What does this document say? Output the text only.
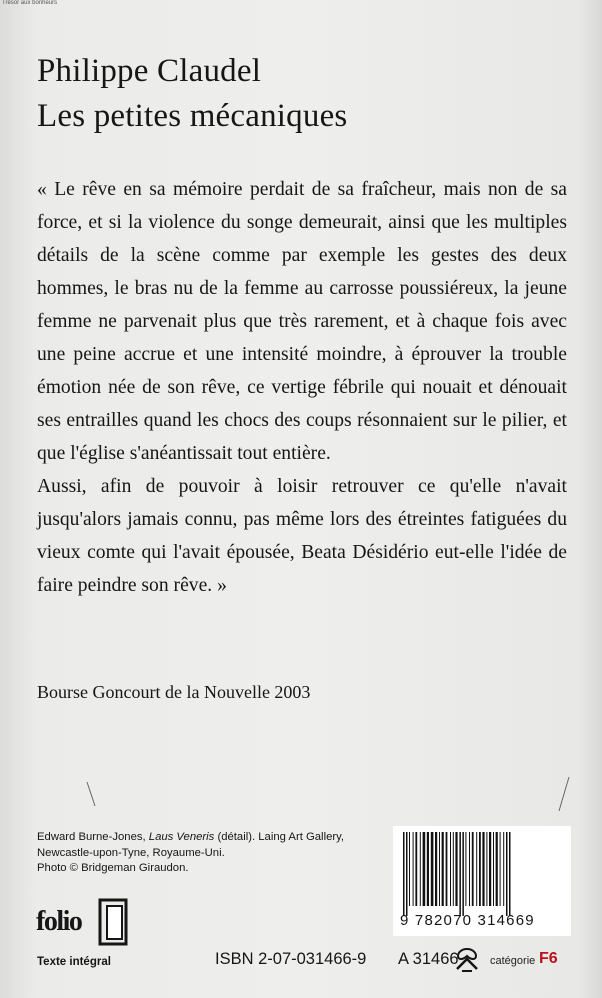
Trésor aux bonheurs
Philippe Claudel
Les petites mécaniques

« Le rêve en sa mémoire perdait de sa fraîcheur, mais non de sa force, et si la violence du songe demeurait, ainsi que les multiples détails de la scène comme par exemple les gestes des deux hommes, le bras nu de la femme au carrosse poussiéreux, la jeune femme ne parvenait plus que très rarement, et à chaque fois avec une peine accrue et une intensité moindre, à éprouver la trouble émotion née de son rêve, ce vertige fébrile qui nouait et dénouait ses entrailles quand les chocs des coups résonnaient sur le pilier, et que l'église s'anéantissait tout entière.

Aussi, afin de pouvoir à loisir retrouver ce qu'elle n'avait jusqu'alors jamais connu, pas même lors des étreintes fatiguées du vieux comte qui l'avait épousée, Beata Désidério eut-elle l'idée de faire peindre son rêve. »

Bourse Goncourt de la Nouvelle 2003
Edward Burne-Jones, Laus Veneris (détail). Laing Art Gallery,
Newcastle-upon-Tyne, Royaume-Uni.
Photo © Bridgeman Giraudon.
folio
Texte intégral
9 782070 314669
ISBN 2-07-031466-9 A 31466	catégorie F6
